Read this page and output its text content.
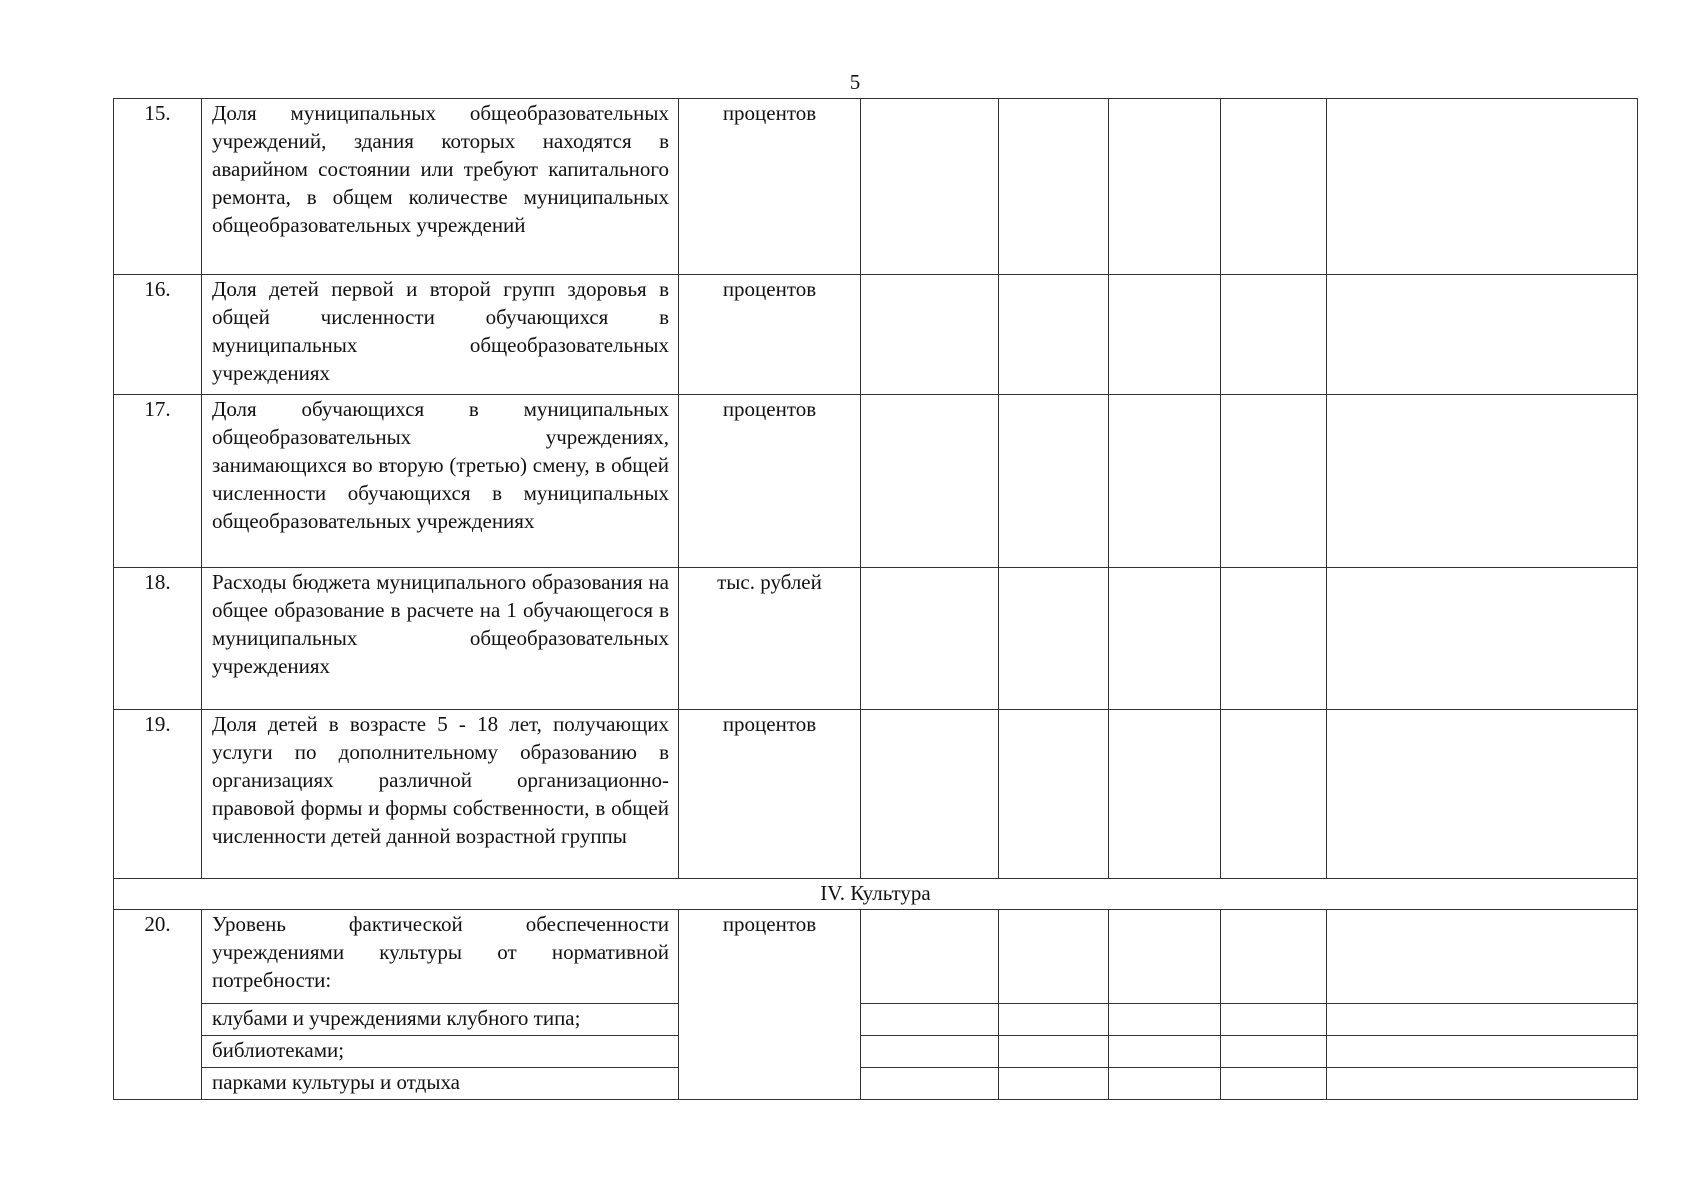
5
15.	Доля муниципальных общеобразовательных учреждений, здания которых находятся в аварийном состоянии или требуют капитального ремонта, в общем количестве муниципальных общеобразовательных учреждений	процентов					
16.	Доля детей первой и второй групп здоровья в общей численности обучающихся в муниципальных общеобразовательных учреждениях	процентов					
17.	Доля обучающихся в муниципальных общеобразовательных учреждениях, занимающихся во вторую (третью) смену, в общей численности обучающихся в муниципальных общеобразовательных учреждениях	процентов					
18.	Расходы бюджета муниципального образования на общее образование в расчете на 1 обучающегося в муниципальных общеобразовательных учреждениях	тыс. рублей					
19.	Доля детей в возрасте 5 - 18 лет, получающих услуги по дополнительному образованию в организациях различной организационно-правовой формы и формы собственности, в общей численности детей данной возрастной группы	процентов					
IV. Культура							
20.	Уровень фактической обеспеченности учреждениями культуры от нормативной потребности:	процентов					
	клубами и учреждениями клубного типа;						
	библиотеками;						
	парками культуры и отдыха						
